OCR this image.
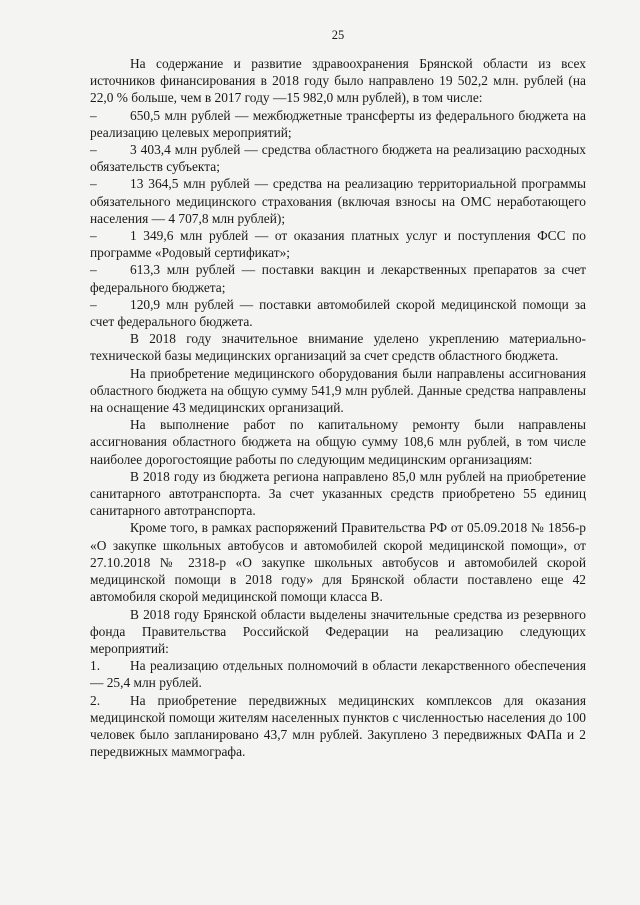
25

На содержание и развитие здравоохранения Брянской области из всех источников финансирования в 2018 году было направлено 19 502,2 млн. рублей (на 22,0 % больше, чем в 2017 году —15 982,0 млн рублей), в том числе:

– 650,5 млн рублей — межбюджетные трансферты из федерального бюджета на реализацию целевых мероприятий;

– 3 403,4 млн рублей — средства областного бюджета на реализацию расходных обязательств субъекта;

– 13 364,5 млн рублей — средства на реализацию территориальной программы обязательного медицинского страхования (включая взносы на ОМС неработающего населения — 4 707,8 млн рублей);

– 1 349,6 млн рублей — от оказания платных услуг и поступления ФСС по программе «Родовый сертификат»;

– 613,3 млн рублей — поставки вакцин и лекарственных препаратов за счет федерального бюджета;

– 120,9 млн рублей — поставки автомобилей скорой медицинской помощи за счет федерального бюджета.

В 2018 году значительное внимание уделено укреплению материально-технической базы медицинских организаций за счет средств областного бюджета.

На приобретение медицинского оборудования были направлены ассигнования областного бюджета на общую сумму 541,9 млн рублей. Данные средства направлены на оснащение 43 медицинских организаций.

На выполнение работ по капитальному ремонту были направлены ассигнования областного бюджета на общую сумму 108,6 млн рублей, в том числе наиболее дорогостоящие работы по следующим медицинским организациям:

В 2018 году из бюджета региона направлено 85,0 млн рублей на приобретение санитарного автотранспорта. За счет указанных средств приобретено 55 единиц санитарного автотранспорта.

Кроме того, в рамках распоряжений Правительства РФ от 05.09.2018 № 1856-р «О закупке школьных автобусов и автомобилей скорой медицинской помощи», от 27.10.2018 № 2318-р «О закупке школьных автобусов и автомобилей скорой медицинской помощи в 2018 году» для Брянской области поставлено еще 42 автомобиля скорой медицинской помощи класса В.

В 2018 году Брянской области выделены значительные средства из резервного фонда Правительства Российской Федерации на реализацию следующих мероприятий:

1. На реализацию отдельных полномочий в области лекарственного обеспечения — 25,4 млн рублей.

2. На приобретение передвижных медицинских комплексов для оказания медицинской помощи жителям населенных пунктов с численностью населения до 100 человек было запланировано 43,7 млн рублей. Закуплено 3 передвижных ФАПа и 2 передвижных маммографа.
